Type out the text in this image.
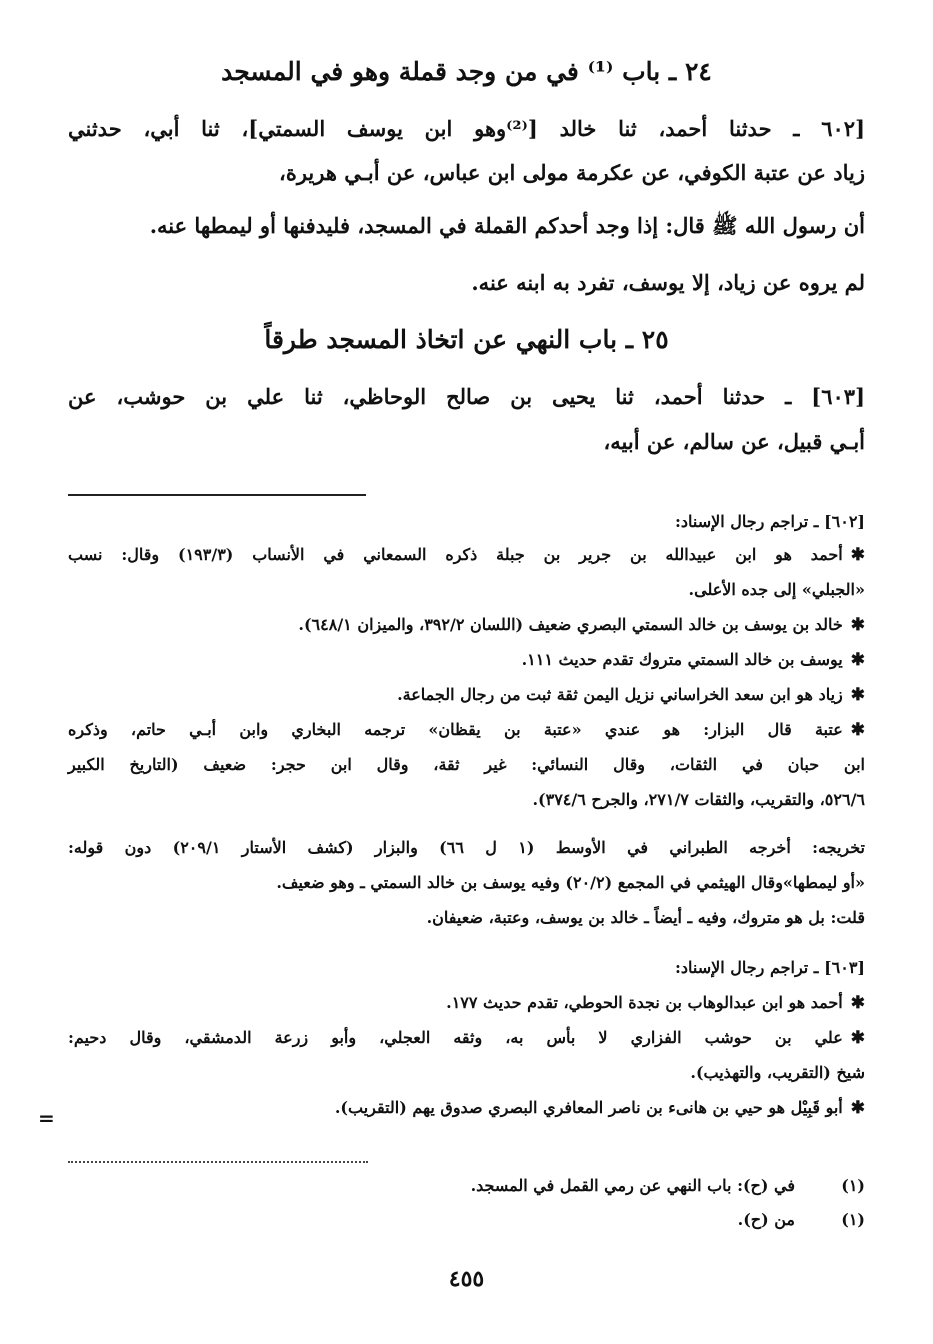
٢٤ ـ باب ⁽¹⁾ في من وجد قملة وهو في المسجد
[٦٠٢ ـ حدثنا أحمد، ثنا خالد [⁽²⁾وهو ابن يوسف السمتي]، ثنا أبي، حدثني
زياد عن عتبة الكوفي، عن عكرمة مولى ابن عباس، عن أبـي هريرة،
أن رسول الله ﷺ قال: إذا وجد أحدكم القملة في المسجد، فليدفنها أو ليمطها عنه.
لم يروه عن زياد، إلا يوسف، تفرد به ابنه عنه.
٢٥ ـ باب النهي عن اتخاذ المسجد طرقاً
[٦٠٣] ـ حدثنا أحمد، ثنا يحيى بن صالح الوحاظي، ثنا علي بن حوشب، عن
أبـي قبيل، عن سالم، عن أبيه،
[٦٠٢] ـ تراجم رجال الإسناد:
✱أحمد هو ابن عبيدالله بن جرير بن جبلة ذكره السمعاني في الأنساب (١٩٣/٣) وقال: نسب
«الجبلي» إلى جده الأعلى.
✱خالد بن يوسف بن خالد السمتي البصري ضعيف (اللسان ٣٩٢/٢، والميزان ٦٤٨/١).
✱يوسف بن خالد السمتي متروك تقدم حديث ١١١.
✱زياد هو ابن سعد الخراساني نزيل اليمن ثقة ثبت من رجال الجماعة.
✱عتبة قال البزار: هو عندي «عتبة بن يقظان» ترجمه البخاري وابن أبـي حاتم، وذكره
ابن حبان في الثقات، وقال النسائي: غير ثقة، وقال ابن حجر: ضعيف (التاريخ الكبير
٥٢٦/٦، والتقريب، والثقات ٢٧١/٧، والجرح ٣٧٤/٦).
تخريجه: أخرجه الطبراني في الأوسط (١ ل ٦٦) والبزار (كشف الأستار ٢٠٩/١) دون قوله:
«أو ليمطها»وقال الهيثمي في المجمع (٢٠/٢) وفيه يوسف بن خالد السمتي ـ وهو ضعيف.
قلت: بل هو متروك، وفيه ـ أيضاً ـ خالد بن يوسف، وعتبة، ضعيفان.
[٦٠٣] ـ تراجم رجال الإسناد:
✱أحمد هو ابن عبدالوهاب بن نجدة الحوطي، تقدم حديث ١٧٧.
✱علي بن حوشب الفزاري لا بأس به، وثقه العجلي، وأبو زرعة الدمشقي، وقال دحيم:
شيخ (التقريب، والتهذيب).
✱أبو قَبِيْل هو حيي بن هانىء بن ناصر المعافري البصري صدوق يهم (التقريب).
=
(١)في (ح): باب النهي عن رمي القمل في المسجد.
(١)من (ح).
٤٥٥
